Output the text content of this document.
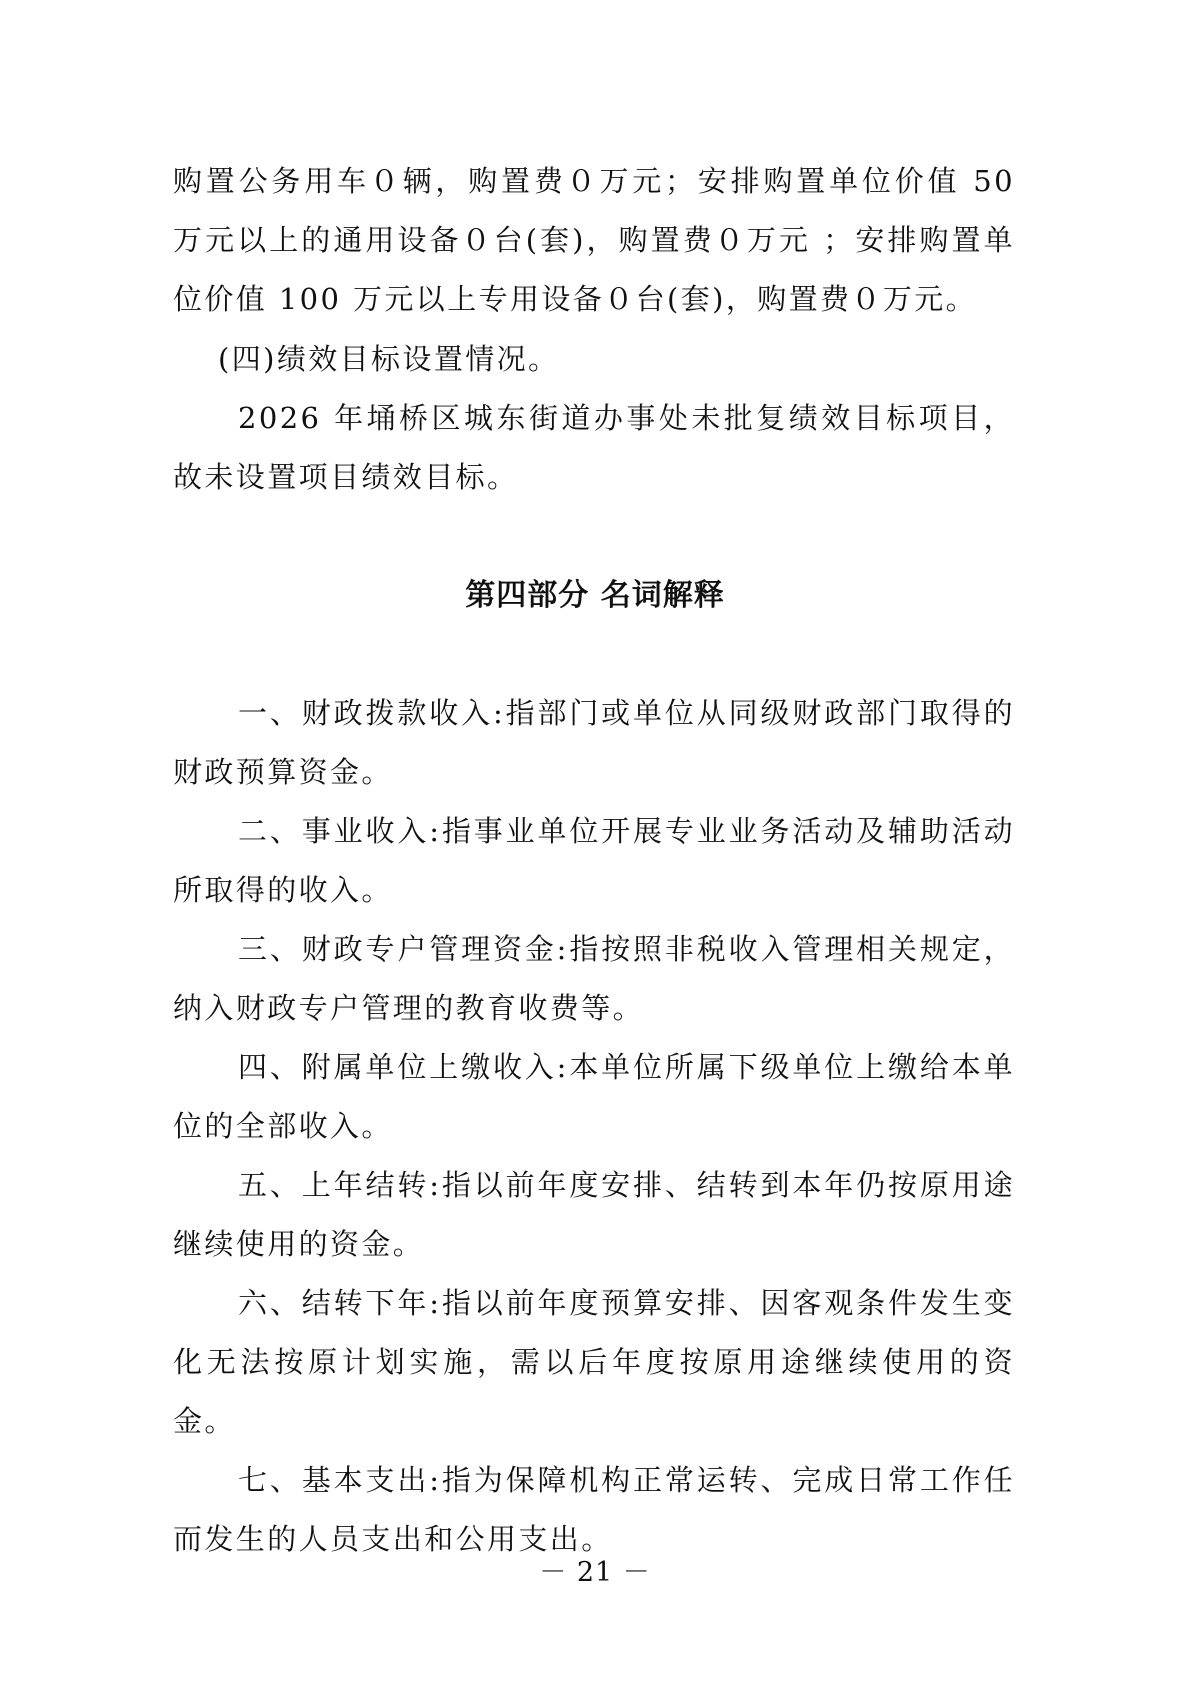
购置公务用车０辆，购置费０万元；安排购置单位价值 50 万元以上的通用设备０台(套)，购置费０万元 ；安排购置单位价值 100 万元以上专用设备０台(套)，购置费０万元。
(四)绩效目标设置情况。
2026 年埇桥区城东街道办事处未批复绩效目标项目，故未设置项目绩效目标。
第四部分 名词解释

一、财政拨款收入:指部门或单位从同级财政部门取得的财政预算资金。

二、事业收入:指事业单位开展专业业务活动及辅助活动所取得的收入。

三、财政专户管理资金:指按照非税收入管理相关规定，纳入财政专户管理的教育收费等。

四、附属单位上缴收入:本单位所属下级单位上缴给本单位的全部收入。

五、上年结转:指以前年度安排、结转到本年仍按原用途继续使用的资金。

六、结转下年:指以前年度预算安排、因客观条件发生变化无法按原计划实施，需以后年度按原用途继续使用的资金。

七、基本支出:指为保障机构正常运转、完成日常工作任而发生的人员支出和公用支出。

－ 21 －
